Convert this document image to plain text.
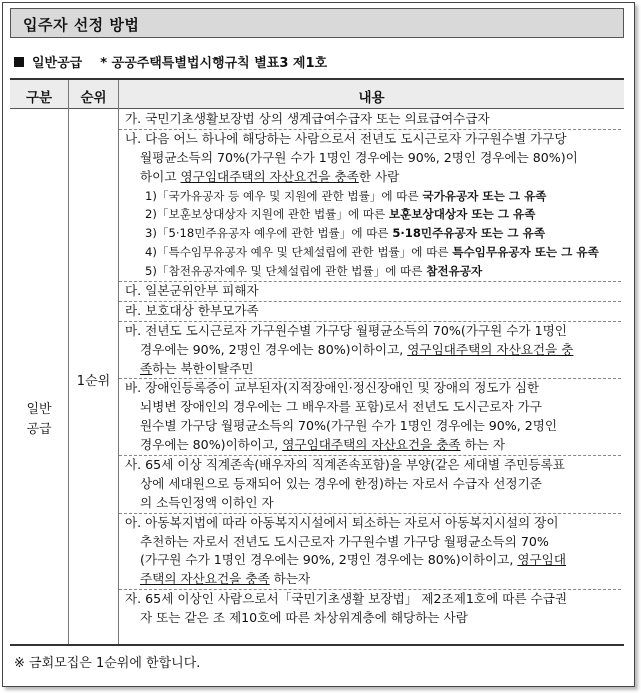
입주자 선정 방법
일반공급 * 공공주택특별법시행규칙 별표3 제1호
구분	순위	내용
일반
공급
1순위
가. 국민기초생활보장법 상의 생계급여수급자 또는 의료급여수급자
나. 다음 어느 하나에 해당하는 사람으로서 전년도 도시근로자 가구원수별 가구당
월평균소득의 70%(가구원 수가 1명인 경우에는 90%, 2명인 경우에는 80%)이
하이고 영구임대주택의 자산요건을 충족한 사람
1)「국가유공자 등 예우 및 지원에 관한 법률」에 따른 국가유공자 또는 그 유족
2)「보훈보상대상자 지원에 관한 법률」에 따른 보훈보상대상자 또는 그 유족
3)「5·18민주유공자 예우에 관한 법률」에 따른 5·18민주유공자 또는 그 유족
4)「특수임무유공자 예우 및 단체설립에 관한 법률」에 따른 특수임무유공자 또는 그 유족
5)「참전유공자예우 및 단체설립에 관한 법률」에 따른 참전유공자
다. 일본군위안부 피해자
라. 보호대상 한부모가족
마. 전년도 도시근로자 가구원수별 가구당 월평균소득의 70%(가구원 수가 1명인
경우에는 90%, 2명인 경우에는 80%)이하이고, 영구임대주택의 자산요건을 충
족하는 북한이탈주민
바. 장애인등록증이 교부된자(지적장애인·정신장애인 및 장애의 정도가 심한
뇌병변 장애인의 경우에는 그 배우자를 포함)로서 전년도 도시근로자 가구
원수별 가구당 월평균소득의 70%(가구원 수가 1명인 경우에는 90%, 2명인
경우에는 80%)이하이고, 영구임대주택의 자산요건을 충족 하는 자
사. 65세 이상 직계존속(배우자의 직계존속포함)을 부양(같은 세대별 주민등록표
상에 세대원으로 등재되어 있는 경우에 한정)하는 자로서 수급자 선정기준
의 소득인정액 이하인 자
아. 아동복지법에 따라 아동복지시설에서 퇴소하는 자로서 아동복지시설의 장이
추천하는 자로서 전년도 도시근로자 가구원수별 가구당 월평균소득의 70%
(가구원 수가 1명인 경우에는 90%, 2명인 경우에는 80%)이하이고, 영구임대
주택의 자산요건을 충족 하는자
자. 65세 이상인 사람으로서「국민기초생활 보장법」 제2조제1호에 따른 수급권
자 또는 같은 조 제10호에 따른 차상위계층에 해당하는 사람
※ 금회모집은 1순위에 한합니다.
